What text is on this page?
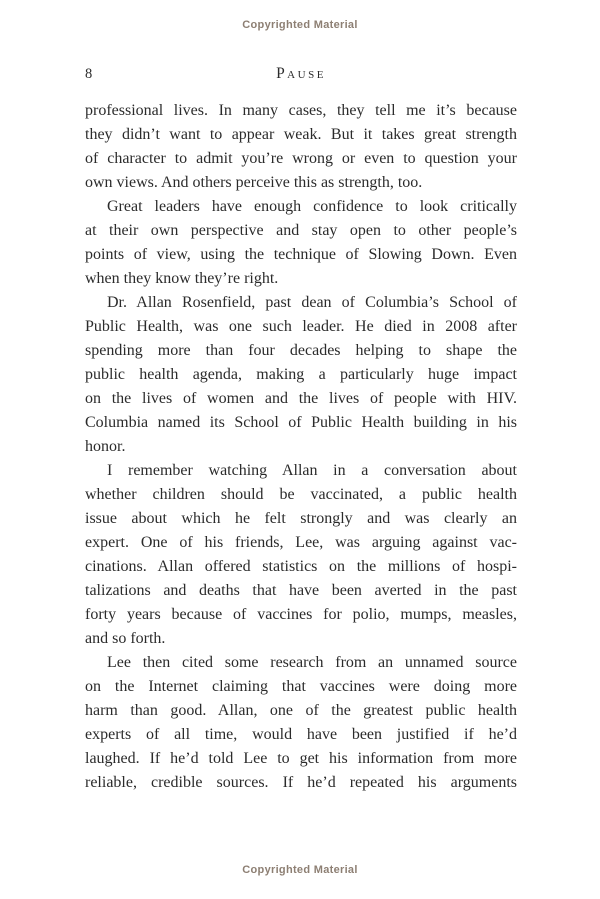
Copyrighted Material
8	Pause
professional lives. In many cases, they tell me it’s because
they didn’t want to appear weak. But it takes great strength
of character to admit you’re wrong or even to question your
own views. And others perceive this as strength, too.
Great leaders have enough confidence to look critically
at their own perspective and stay open to other people’s
points of view, using the technique of Slowing Down. Even
when they know they’re right.
Dr. Allan Rosenfield, past dean of Columbia’s School of
Public Health, was one such leader. He died in 2008 after
spending more than four decades helping to shape the
public health agenda, making a particularly huge impact
on the lives of women and the lives of people with HIV.
Columbia named its School of Public Health building in his
honor.
I remember watching Allan in a conversation about
whether children should be vaccinated, a public health
issue about which he felt strongly and was clearly an
expert. One of his friends, Lee, was arguing against vac-
cinations. Allan offered statistics on the millions of hospi-
talizations and deaths that have been averted in the past
forty years because of vaccines for polio, mumps, measles,
and so forth.
Lee then cited some research from an unnamed source
on the Internet claiming that vaccines were doing more
harm than good. Allan, one of the greatest public health
experts of all time, would have been justified if he’d
laughed. If he’d told Lee to get his information from more
reliable, credible sources. If he’d repeated his arguments
Copyrighted Material
